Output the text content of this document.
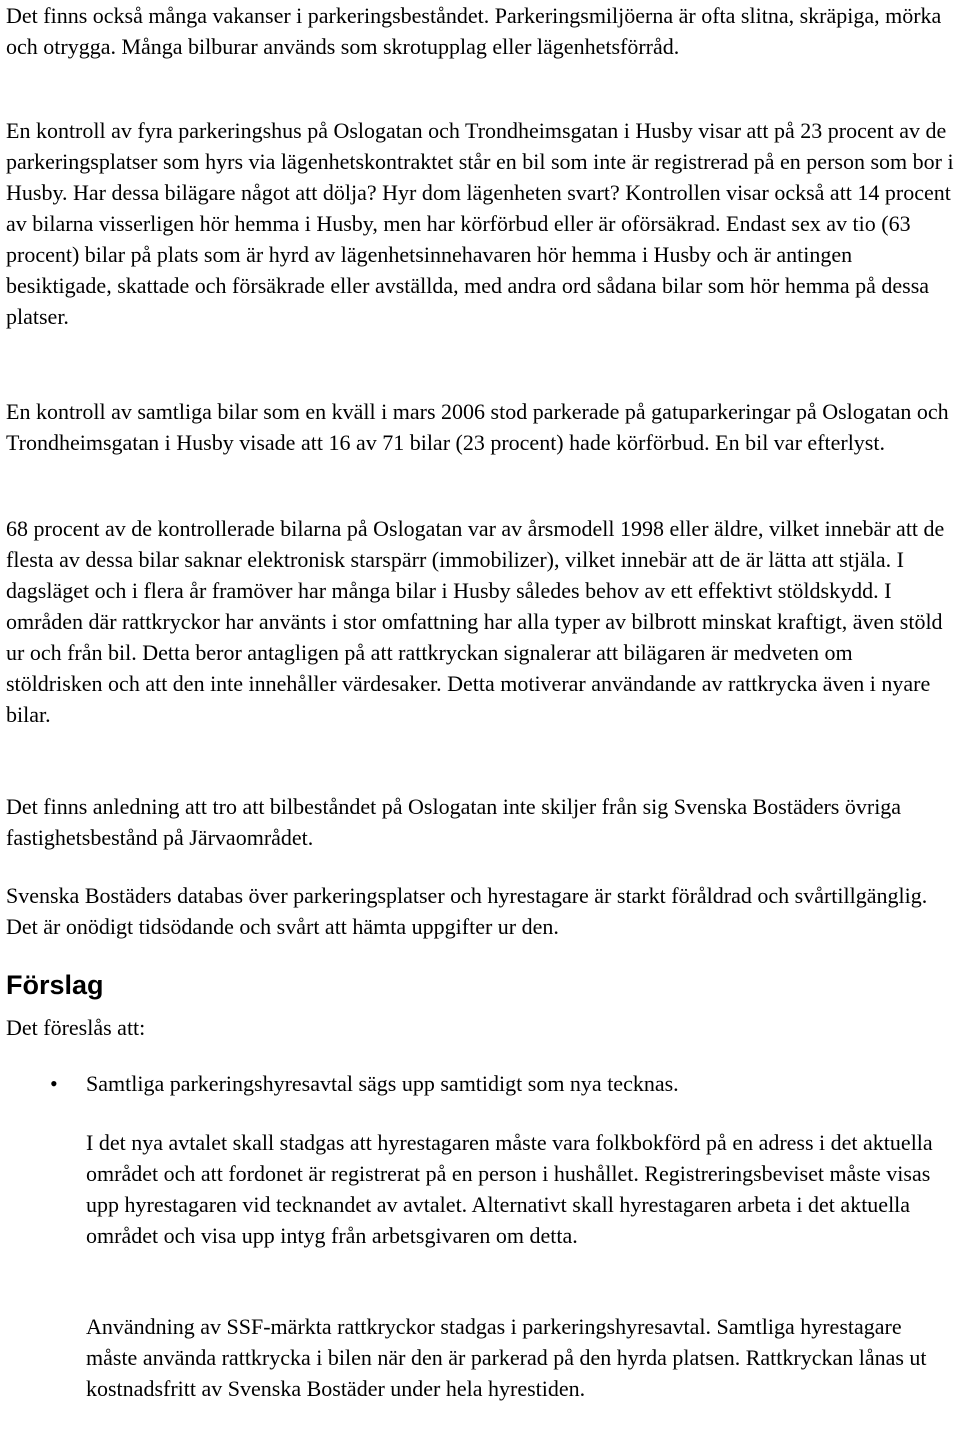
Det finns också många vakanser i parkeringsbeståndet. Parkeringsmiljöerna är ofta slitna, skräpiga, mörka och otrygga. Många bilburar används som skrotupplag eller lägenhetsförråd.

En kontroll av fyra parkeringshus på Oslogatan och Trondheimsgatan i Husby visar att på 23 procent av de parkeringsplatser som hyrs via lägenhetskontraktet står en bil som inte är registrerad på en person som bor i Husby. Har dessa bilägare något att dölja? Hyr dom lägenheten svart? Kontrollen visar också att 14 procent av bilarna visserligen hör hemma i Husby, men har körförbud eller är oförsäkrad. Endast sex av tio (63 procent) bilar på plats som är hyrd av lägenhetsinnehavaren hör hemma i Husby och är antingen besiktigade, skattade och försäkrade eller avställda, med andra ord sådana bilar som hör hemma på dessa platser.

En kontroll av samtliga bilar som en kväll i mars 2006 stod parkerade på gatuparkeringar på Oslogatan och Trondheimsgatan i Husby visade att 16 av 71 bilar (23 procent) hade körförbud. En bil var efterlyst.

68 procent av de kontrollerade bilarna på Oslogatan var av årsmodell 1998 eller äldre, vilket innebär att de flesta av dessa bilar saknar elektronisk starspärr (immobilizer), vilket innebär att de är lätta att stjäla. I dagsläget och i flera år framöver har många bilar i Husby således behov av ett effektivt stöldskydd. I områden där rattkryckor har använts i stor omfattning har alla typer av bilbrott minskat kraftigt, även stöld ur och från bil. Detta beror antagligen på att rattkryckan signalerar att bilägaren är medveten om stöldrisken och att den inte innehåller värdesaker. Detta motiverar användande av rattkrycka även i nyare bilar.

Det finns anledning att tro att bilbeståndet på Oslogatan inte skiljer från sig Svenska Bostäders övriga fastighetsbestånd på Järvaområdet.

Svenska Bostäders databas över parkeringsplatser och hyrestagare är starkt föråldrad och svårtillgänglig. Det är onödigt tidsödande och svårt att hämta uppgifter ur den.

Förslag

Det föreslås att:

• Samtliga parkeringshyresavtal sägs upp samtidigt som nya tecknas.

I det nya avtalet skall stadgas att hyrestagaren måste vara folkbokförd på en adress i det aktuella området och att fordonet är registrerat på en person i hushållet. Registreringsbeviset måste visas upp hyrestagaren vid tecknandet av avtalet. Alternativt skall hyrestagaren arbeta i det aktuella området och visa upp intyg från arbetsgivaren om detta.

Användning av SSF-märkta rattkryckor stadgas i parkeringshyresavtal. Samtliga hyrestagare måste använda rattkrycka i bilen när den är parkerad på den hyrda platsen. Rattkryckan lånas ut kostnadsfritt av Svenska Bostäder under hela hyrestiden.
